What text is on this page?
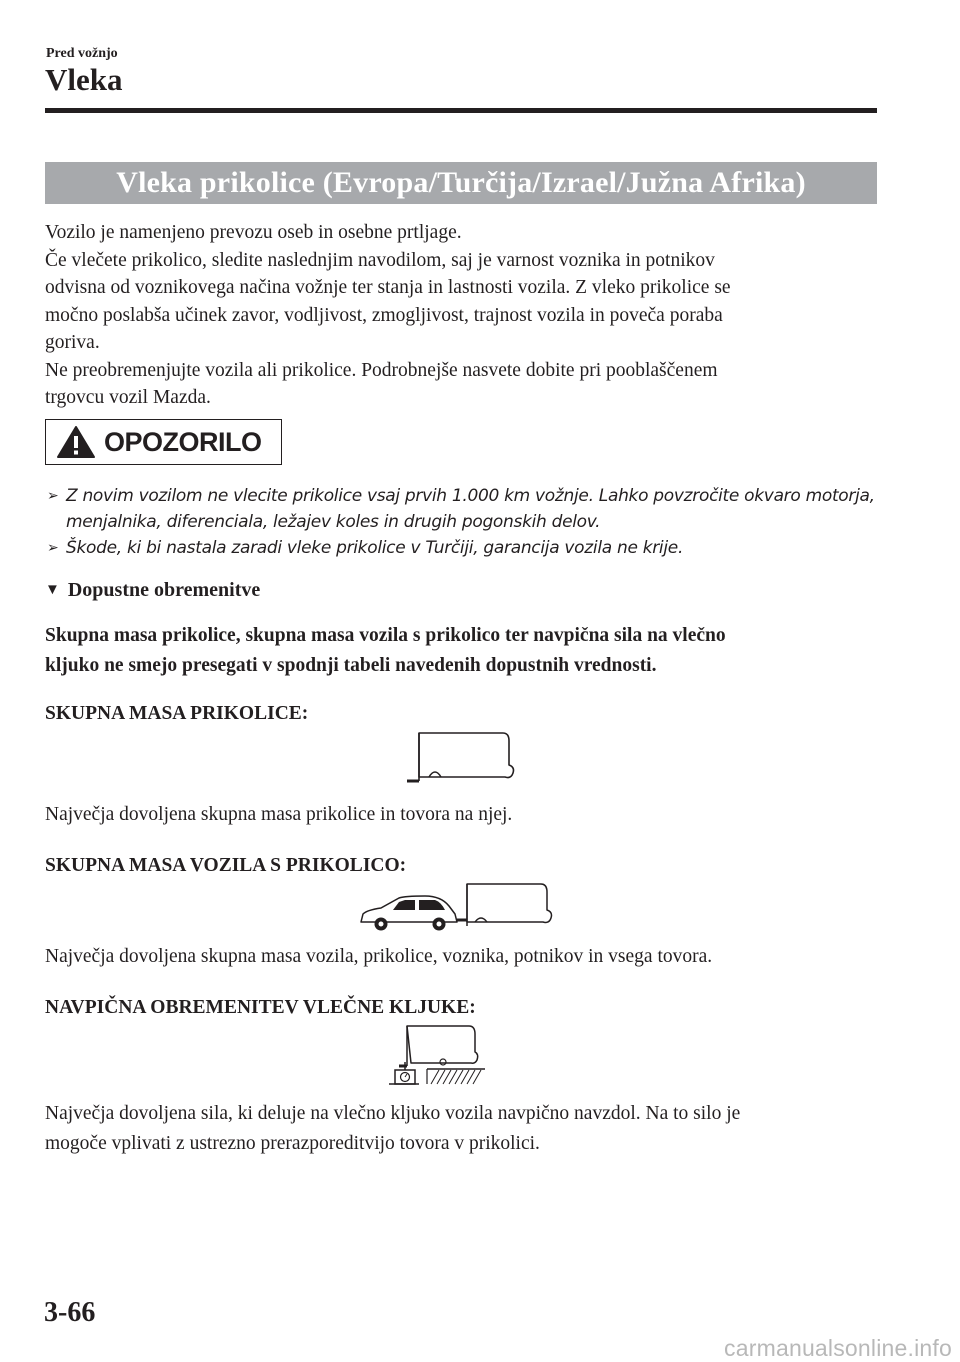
Pred vožnjo
Vleka
Vleka prikolice (Evropa/Turčija/Izrael/Južna Afrika)
Vozilo je namenjeno prevozu oseb in osebne prtljage.
Če vlečete prikolico, sledite naslednjim navodilom, saj je varnost voznika in potnikov
odvisna od voznikovega načina vožnje ter stanja in lastnosti vozila. Z vleko prikolice se
močno poslabša učinek zavor, vodljivost, zmogljivost, trajnost vozila in poveča poraba
goriva.
Ne preobremenjujte vozila ali prikolice. Podrobnejše nasvete dobite pri pooblaščenem
trgovcu vozil Mazda.
OPOZORILO
➢ Z novim vozilom ne vlecite prikolice vsaj prvih 1.000 km vožnje. Lahko povzročite okvaro motorja, menjalnika, diferenciala, ležajev koles in drugih pogonskih delov.
➢ Škode, ki bi nastala zaradi vleke prikolice v Turčiji, garancija vozila ne krije.
▼ Dopustne obremenitve
Skupna masa prikolice, skupna masa vozila s prikolico ter navpična sila na vlečno
kljuko ne smejo presegati v spodnji tabeli navedenih dopustnih vrednosti.
SKUPNA MASA PRIKOLICE:
Največja dovoljena skupna masa prikolice in tovora na njej.
SKUPNA MASA VOZILA S PRIKOLICO:
Največja dovoljena skupna masa vozila, prikolice, voznika, potnikov in vsega tovora.
NAVPIČNA OBREMENITEV VLEČNE KLJUKE:
Največja dovoljena sila, ki deluje na vlečno kljuko vozila navpično navzdol. Na to silo je
mogoče vplivati z ustrezno prerazporeditvijo tovora v prikolici.
3-66
carmanualsonline.info
